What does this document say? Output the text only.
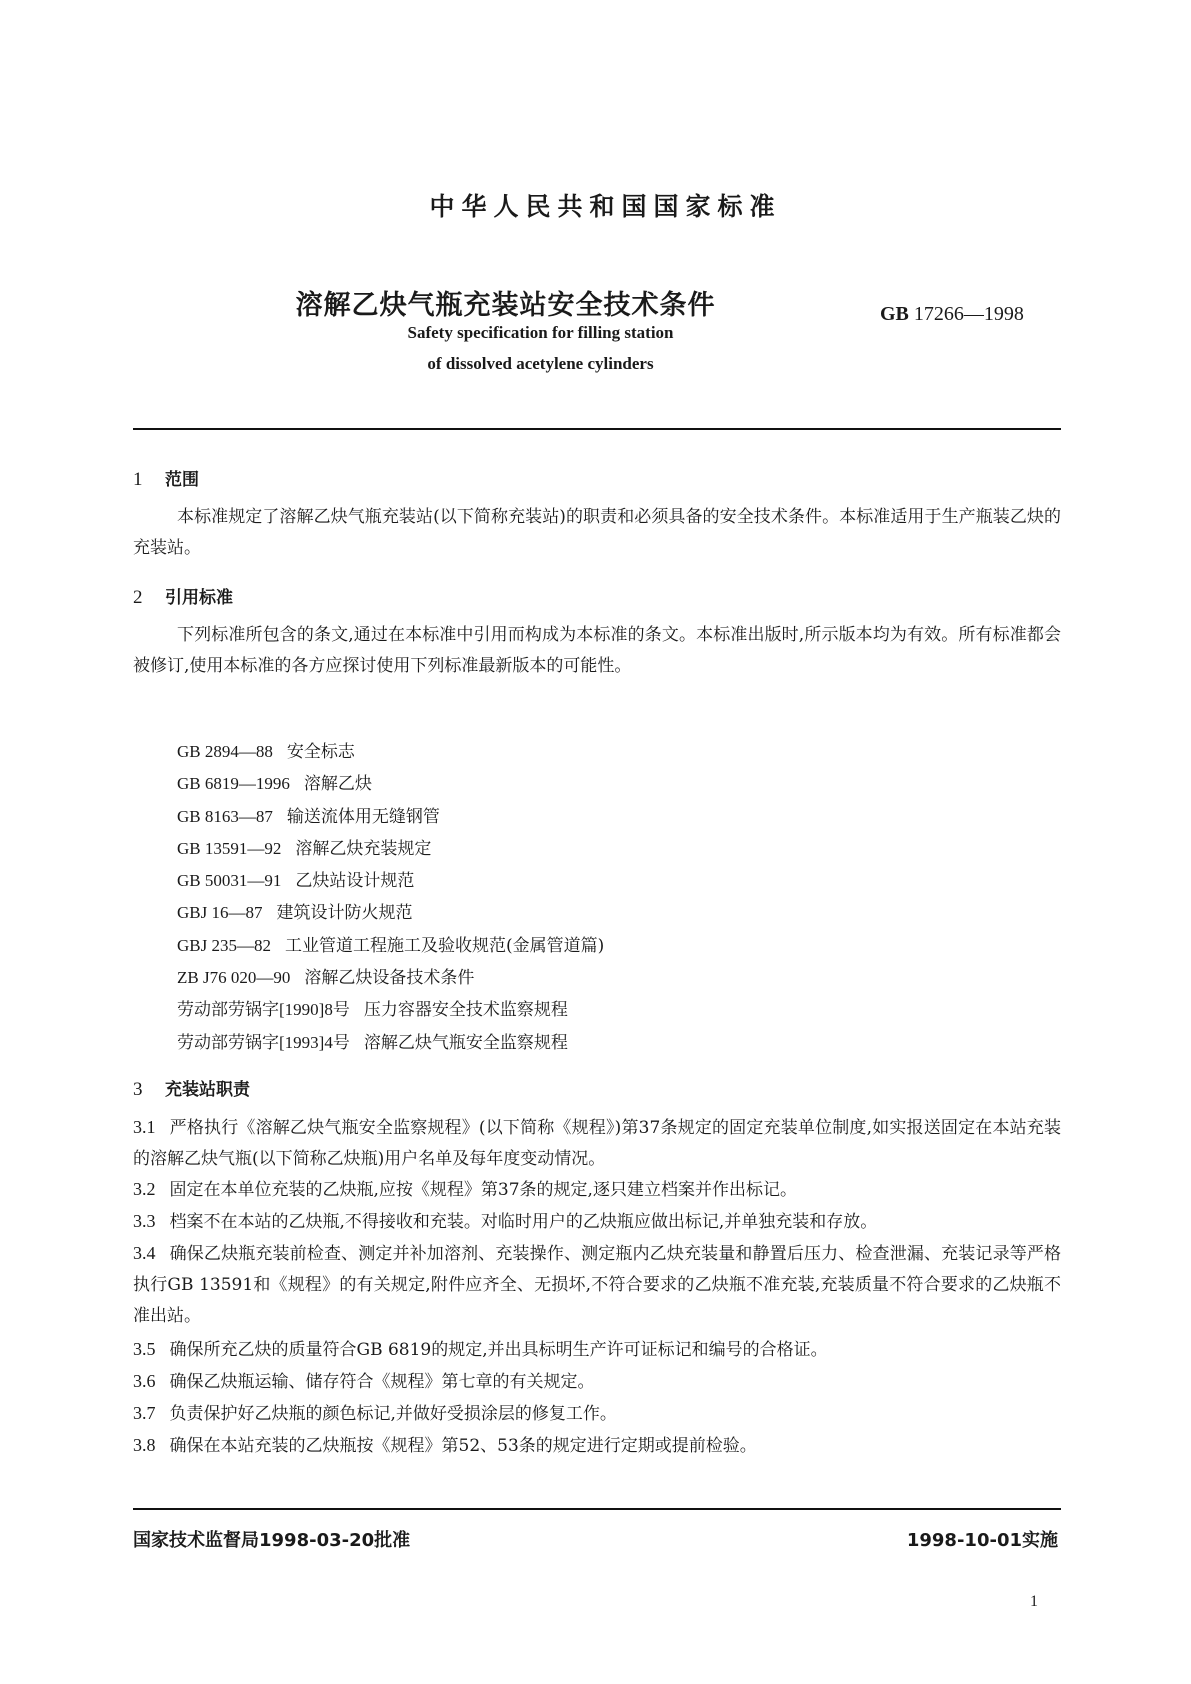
中华人民共和国国家标准
溶解乙炔气瓶充装站安全技术条件	GB 17266—1998
Safety specification for filling station
of dissolved acetylene cylinders
1 范围
本标准规定了溶解乙炔气瓶充装站(以下简称充装站)的职责和必须具备的安全技术条件。本标准适用于生产瓶装乙炔的充装站。
2 引用标准
下列标准所包含的条文,通过在本标准中引用而构成为本标准的条文。本标准出版时,所示版本均为有效。所有标准都会被修订,使用本标准的各方应探讨使用下列标准最新版本的可能性。
GB 2894—88 安全标志
GB 6819—1996 溶解乙炔
GB 8163—87 输送流体用无缝钢管
GB 13591—92 溶解乙炔充装规定
GB 50031—91 乙炔站设计规范
GBJ 16—87 建筑设计防火规范
GBJ 235—82 工业管道工程施工及验收规范(金属管道篇)
ZB J76 020—90 溶解乙炔设备技术条件
劳动部劳锅字[1990]8号 压力容器安全技术监察规程
劳动部劳锅字[1993]4号 溶解乙炔气瓶安全监察规程
3 充装站职责
3.1 严格执行《溶解乙炔气瓶安全监察规程》(以下简称《规程》)第37条规定的固定充装单位制度,如实报送固定在本站充装的溶解乙炔气瓶(以下简称乙炔瓶)用户名单及每年度变动情况。
3.2 固定在本单位充装的乙炔瓶,应按《规程》第37条的规定,逐只建立档案并作出标记。
3.3 档案不在本站的乙炔瓶,不得接收和充装。对临时用户的乙炔瓶应做出标记,并单独充装和存放。
3.4 确保乙炔瓶充装前检查、测定并补加溶剂、充装操作、测定瓶内乙炔充装量和静置后压力、检查泄漏、充装记录等严格执行GB 13591和《规程》的有关规定,附件应齐全、无损坏,不符合要求的乙炔瓶不准充装,充装质量不符合要求的乙炔瓶不准出站。
3.5 确保所充乙炔的质量符合GB 6819的规定,并出具标明生产许可证标记和编号的合格证。
3.6 确保乙炔瓶运输、储存符合《规程》第七章的有关规定。
3.7 负责保护好乙炔瓶的颜色标记,并做好受损涂层的修复工作。
3.8 确保在本站充装的乙炔瓶按《规程》第52、53条的规定进行定期或提前检验。
国家技术监督局1998-03-20批准	1998-10-01实施
1
